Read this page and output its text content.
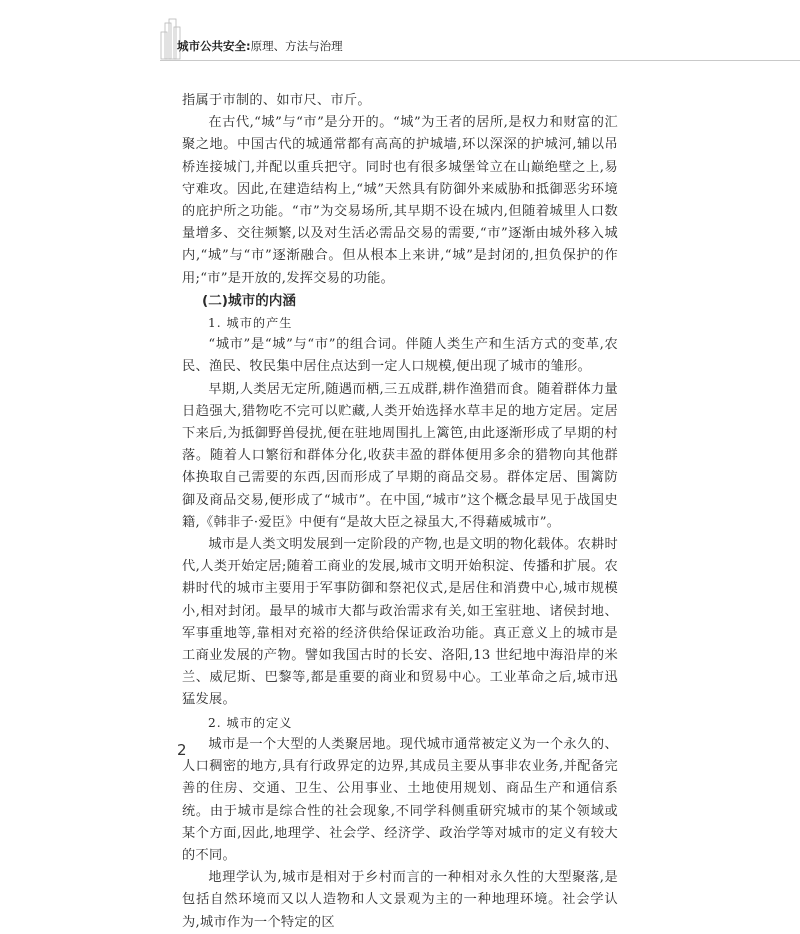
城市公共安全:原理、方法与治理

指属于市制的、如市尺、市斤。

在古代,“城”与“市”是分开的。“城”为王者的居所,是权力和财富的汇聚之地。中国古代的城通常都有高高的护城墙,环以深深的护城河,辅以吊桥连接城门,并配以重兵把守。同时也有很多城堡耸立在山巅绝壁之上,易守难攻。因此,在建造结构上,“城”天然具有防御外来威胁和抵御恶劣环境的庇护所之功能。“市”为交易场所,其早期不设在城内,但随着城里人口数量增多、交往频繁,以及对生活必需品交易的需要,“市”逐渐由城外移入城内,“城”与“市”逐渐融合。但从根本上来讲,“城”是封闭的,担负保护的作用;“市”是开放的,发挥交易的功能。

(二)城市的内涵

1. 城市的产生

“城市”是“城”与“市”的组合词。伴随人类生产和生活方式的变革,农民、渔民、牧民集中居住点达到一定人口规模,便出现了城市的雏形。

早期,人类居无定所,随遇而栖,三五成群,耕作渔猎而食。随着群体力量日趋强大,猎物吃不完可以贮藏,人类开始选择水草丰足的地方定居。定居下来后,为抵御野兽侵扰,便在驻地周围扎上篱笆,由此逐渐形成了早期的村落。随着人口繁衍和群体分化,收获丰盈的群体便用多余的猎物向其他群体换取自己需要的东西,因而形成了早期的商品交易。群体定居、围篱防御及商品交易,便形成了“城市”。在中国,“城市”这个概念最早见于战国史籍,《韩非子·爱臣》中便有“是故大臣之禄虽大,不得藉威城市”。

城市是人类文明发展到一定阶段的产物,也是文明的物化载体。农耕时代,人类开始定居;随着工商业的发展,城市文明开始积淀、传播和扩展。农耕时代的城市主要用于军事防御和祭祀仪式,是居住和消费中心,城市规模小,相对封闭。最早的城市大都与政治需求有关,如王室驻地、诸侯封地、军事重地等,靠相对充裕的经济供给保证政治功能。真正意义上的城市是工商业发展的产物。譬如我国古时的长安、洛阳,13 世纪地中海沿岸的米兰、威尼斯、巴黎等,都是重要的商业和贸易中心。工业革命之后,城市迅猛发展。

2. 城市的定义

城市是一个大型的人类聚居地。现代城市通常被定义为一个永久的、人口稠密的地方,具有行政界定的边界,其成员主要从事非农业务,并配备完善的住房、交通、卫生、公用事业、土地使用规划、商品生产和通信系统。由于城市是综合性的社会现象,不同学科侧重研究城市的某个领域或某个方面,因此,地理学、社会学、经济学、政治学等对城市的定义有较大的不同。

地理学认为,城市是相对于乡村而言的一种相对永久性的大型聚落,是包括自然环境而又以人造物和人文景观为主的一种地理环境。社会学认为,城市作为一个特定的区

2
